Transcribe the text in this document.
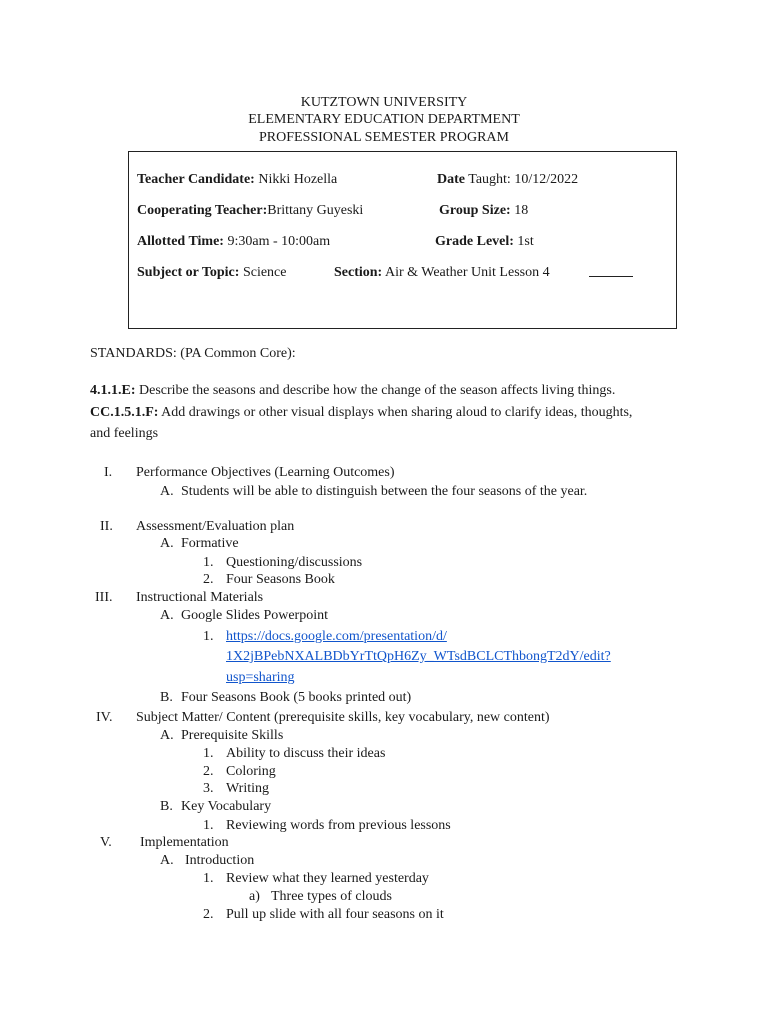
KUTZTOWN UNIVERSITY
ELEMENTARY EDUCATION DEPARTMENT
PROFESSIONAL SEMESTER PROGRAM
Teacher Candidate: Nikki Hozella	Date Taught: 10/12/2022
Cooperating Teacher:Brittany Guyeski	Group Size: 18
Allotted Time: 9:30am - 10:00am	Grade Level: 1st
Subject or Topic: Science	Section: Air & Weather Unit Lesson 4
STANDARDS: (PA Common Core):
4.1.1.E: Describe the seasons and describe how the change of the season affects living things.
CC.1.5.1.F: Add drawings or other visual displays when sharing aloud to clarify ideas, thoughts,
and feelings
I. Performance Objectives (Learning Outcomes)
A. Students will be able to distinguish between the four seasons of the year.
II. Assessment/Evaluation plan
A. Formative
1. Questioning/discussions
2. Four Seasons Book
III. Instructional Materials
A. Google Slides Powerpoint
1. https://docs.google.com/presentation/d/
1X2jBPebNXALBDbYrTtQpH6Zy_WTsdBCLCThbongT2dY/edit?
usp=sharing
B. Four Seasons Book (5 books printed out)
IV. Subject Matter/ Content (prerequisite skills, key vocabulary, new content)
A. Prerequisite Skills
1. Ability to discuss their ideas
2. Coloring
3. Writing
B. Key Vocabulary
1. Reviewing words from previous lessons
V. Implementation
A. Introduction
1. Review what they learned yesterday
a) Three types of clouds
2. Pull up slide with all four seasons on it
